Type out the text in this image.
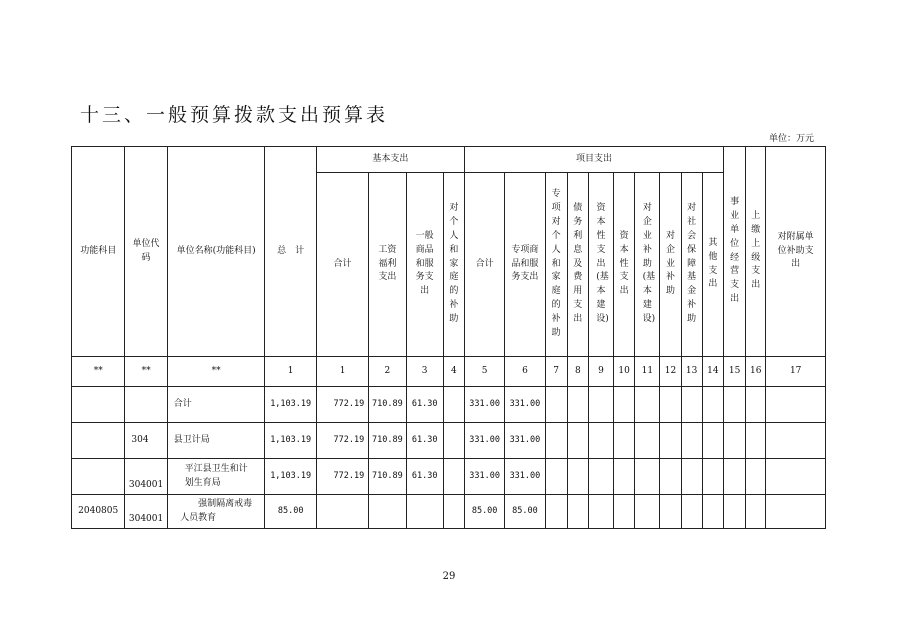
十三、一般预算拨款支出预算表
单位：万元
功能科目	单位代码	单位名称(功能科目)	总　计	基本支出				项目支出										事业单位经营支出	上缴上级支出	对附属单位补助支出
				合计	工资福利支出	一般商品和服务支出	对个人和家庭的补助	合计	专项商品和服务支出	专项对个人和家庭的补助	债务利息及费用支出	资本性支出(基本建设)	资本性支出	对企业补助(基本建设)	对企业补助	对社会保障基金补助	其他支出			
**	**	**	1	1	2	3	4	5	6	7	8	9	10	11	12	13	14	15	16	17
		合计	1,103.19	772.19	710.89	61.30		331.00	331.00											
	304	县卫计局	1,103.19	772.19	710.89	61.30		331.00	331.00											
	304001	平江县卫生和计
划生育局	1,103.19	772.19	710.89	61.30		331.00	331.00											
2040805	304001	强制隔离戒毒
人员教育	85.00					85.00	85.00											
29
